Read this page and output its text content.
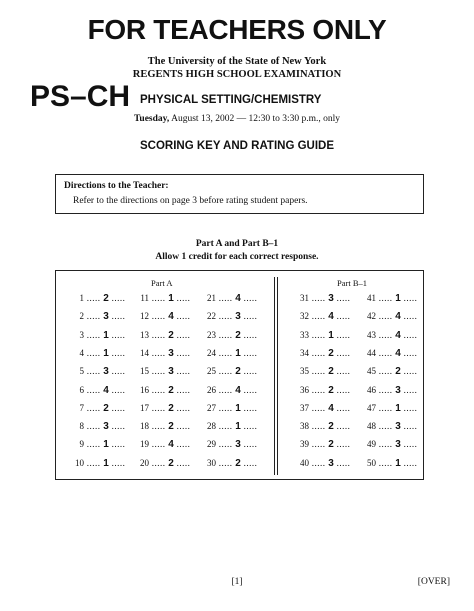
FOR TEACHERS ONLY
The University of the State of New York
REGENTS HIGH SCHOOL EXAMINATION
PS–CH PHYSICAL SETTING/CHEMISTRY
Tuesday, August 13, 2002 — 12:30 to 3:30 p.m., only
SCORING KEY AND RATING GUIDE
Directions to the Teacher:
Refer to the directions on page 3 before rating student papers.
Part A and Part B–1
Allow 1 credit for each correct response.
Part A	Part B–1
1 ..... 2 .....
2 ..... 3 .....
3 ..... 1 .....
4 ..... 1 .....
5 ..... 3 .....
6 ..... 4 .....
7 ..... 2 .....
8 ..... 3 .....
9 ..... 1 .....
10 ..... 1 .....
11 ..... 1 .....
12 ..... 4 .....
13 ..... 2 .....
14 ..... 3 .....
15 ..... 3 .....
16 ..... 2 .....
17 ..... 2 .....
18 ..... 2 .....
19 ..... 4 .....
20 ..... 2 .....
21 ..... 4 .....
22 ..... 3 .....
23 ..... 2 .....
24 ..... 1 .....
25 ..... 2 .....
26 ..... 4 .....
27 ..... 1 .....
28 ..... 1 .....
29 ..... 3 .....
30 ..... 2 .....
31 ..... 3 .....
32 ..... 4 .....
33 ..... 1 .....
34 ..... 2 .....
35 ..... 2 .....
36 ..... 2 .....
37 ..... 4 .....
38 ..... 2 .....
39 ..... 2 .....
40 ..... 3 .....
41 ..... 1 .....
42 ..... 4 .....
43 ..... 4 .....
44 ..... 4 .....
45 ..... 2 .....
46 ..... 3 .....
47 ..... 1 .....
48 ..... 3 .....
49 ..... 3 .....
50 ..... 1 .....
[1]	[OVER]
